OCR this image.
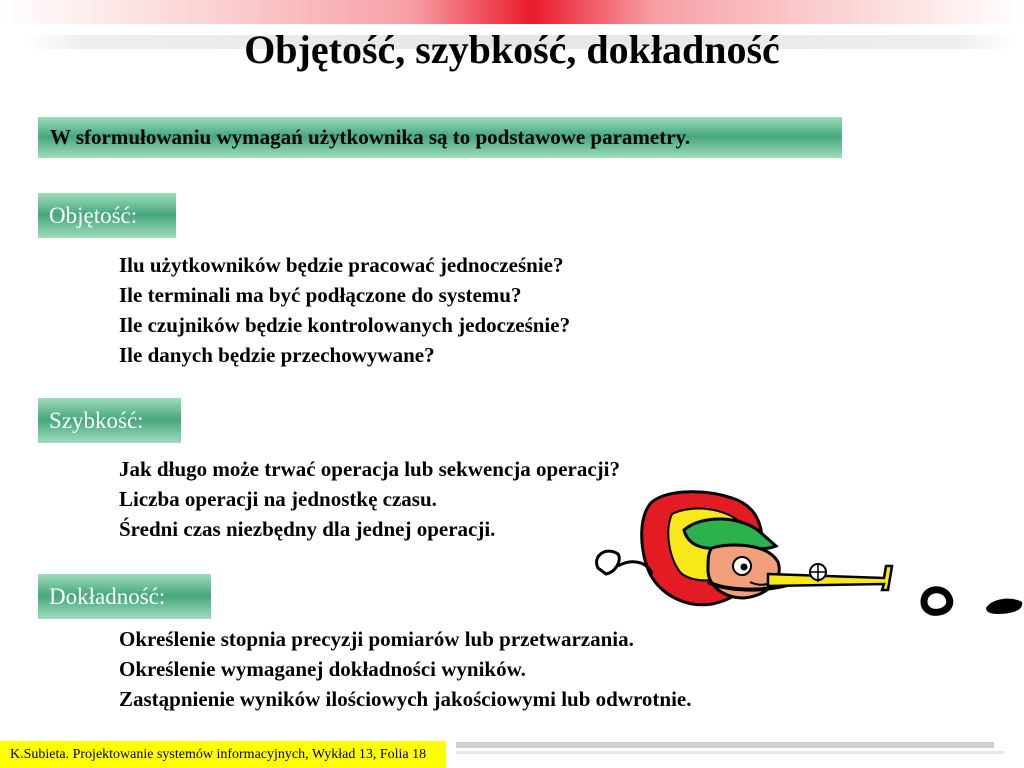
Objętość, szybkość, dokładność
W sformułowaniu wymagań użytkownika są to podstawowe parametry.
Objętość:
Ilu użytkowników będzie pracować jednocześnie?
Ile terminali ma być podłączone do systemu?
Ile czujników będzie kontrolowanych jedocześnie?
Ile danych będzie przechowywane?
Szybkość:
Jak długo może trwać operacja lub sekwencja operacji?
Liczba operacji na jednostkę czasu.
Średni czas niezbędny dla jednej operacji.
Dokładność:
Określenie stopnia precyzji pomiarów lub przetwarzania.
Określenie wymaganej dokładności wyników.
Zastąpnienie wyników ilościowych jakościowymi lub odwrotnie.
K.Subieta. Projektowanie systemów informacyjnych, Wykład 13, Folia 18
